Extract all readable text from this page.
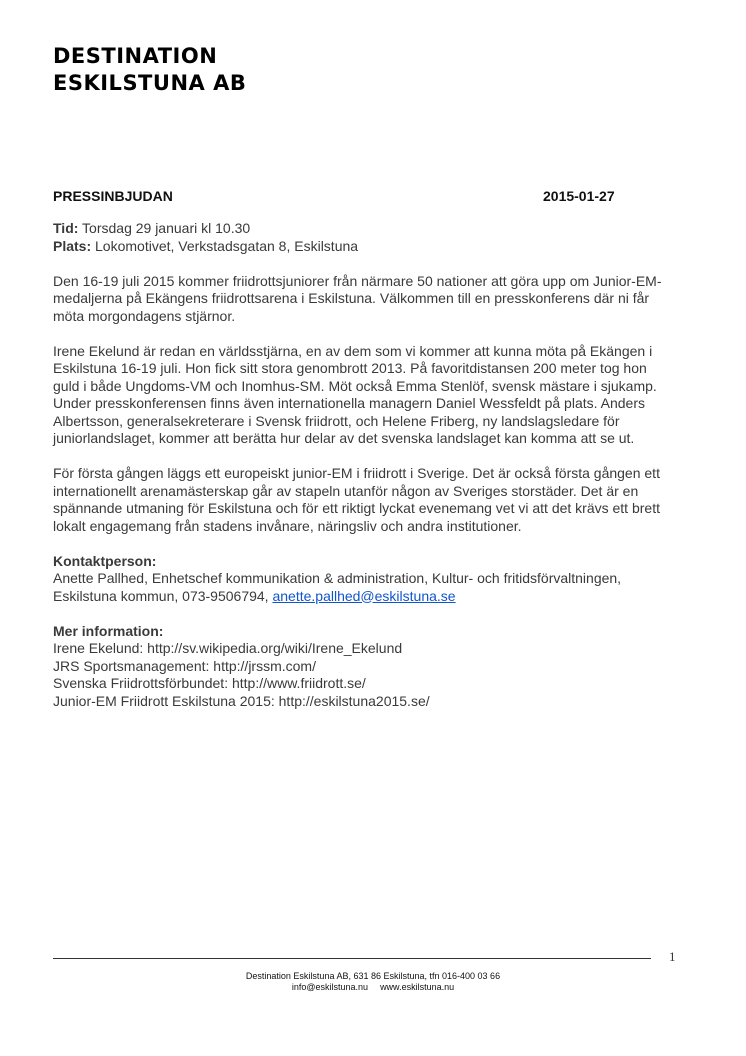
DESTINATION
ESKILSTUNA AB
PRESSINBJUDAN	2015-01-27

Tid: Torsdag 29 januari kl 10.30
Plats: Lokomotivet, Verkstadsgatan 8, Eskilstuna

Den 16-19 juli 2015 kommer friidrottsjuniorer från närmare 50 nationer att göra upp om Junior-EM-medaljerna på Ekängens friidrottsarena i Eskilstuna. Välkommen till en presskonferens där ni får möta morgondagens stjärnor.

Irene Ekelund är redan en världsstjärna, en av dem som vi kommer att kunna möta på Ekängen i Eskilstuna 16-19 juli. Hon fick sitt stora genombrott 2013. På favoritdistansen 200 meter tog hon guld i både Ungdoms-VM och Inomhus-SM. Möt också Emma Stenlöf, svensk mästare i sjukamp. Under presskonferensen finns även internationella managern Daniel Wessfeldt på plats. Anders Albertsson, generalsekreterare i Svensk friidrott, och Helene Friberg, ny landslagsledare för juniorlandslaget, kommer att berätta hur delar av det svenska landslaget kan komma att se ut.

För första gången läggs ett europeiskt junior-EM i friidrott i Sverige. Det är också första gången ett internationellt arenamästerskap går av stapeln utanför någon av Sveriges storstäder. Det är en spännande utmaning för Eskilstuna och för ett riktigt lyckat evenemang vet vi att det krävs ett brett lokalt engagemang från stadens invånare, näringsliv och andra institutioner.

Kontaktperson:
Anette Pallhed, Enhetschef kommunikation & administration, Kultur- och fritidsförvaltningen,
Eskilstuna kommun, 073-9506794, anette.pallhed@eskilstuna.se

Mer information:
Irene Ekelund: http://sv.wikipedia.org/wiki/Irene_Ekelund
JRS Sportsmanagement: http://jrssm.com/
Svenska Friidrottsförbundet: http://www.friidrott.se/
Junior-EM Friidrott Eskilstuna 2015: http://eskilstuna2015.se/

1
Destination Eskilstuna AB, 631 86 Eskilstuna, tfn 016-400 03 66
info@eskilstuna.nu www.eskilstuna.nu
